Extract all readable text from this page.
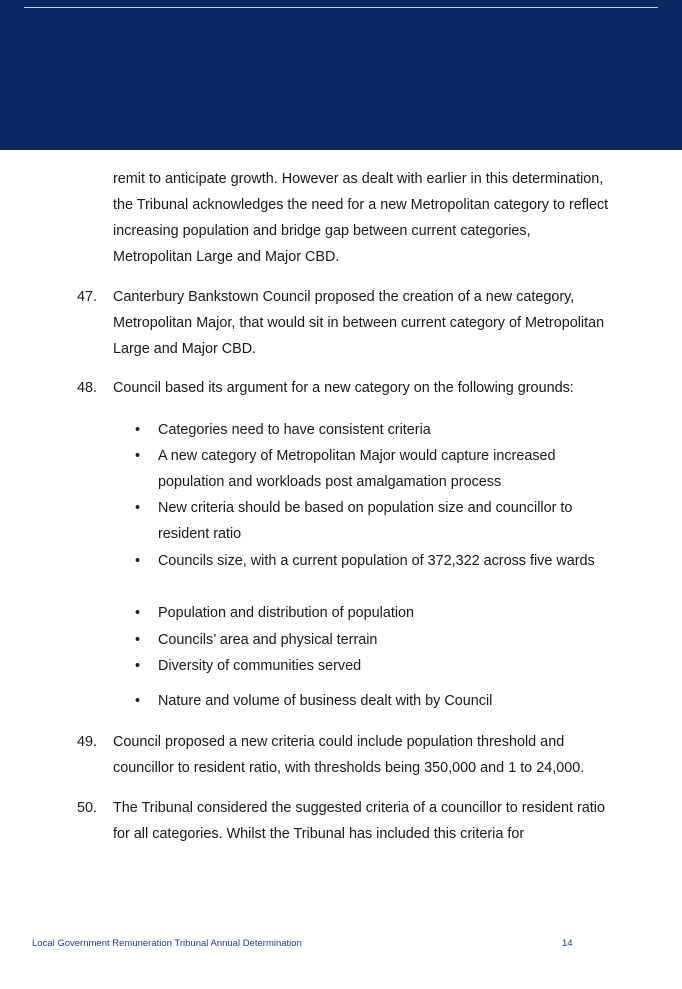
remit to anticipate growth. However as dealt with earlier in this determination, the Tribunal acknowledges the need for a new Metropolitan category to reflect increasing population and bridge gap between current categories, Metropolitan Large and Major CBD.
47. Canterbury Bankstown Council proposed the creation of a new category, Metropolitan Major, that would sit in between current category of Metropolitan Large and Major CBD.
48. Council based its argument for a new category on the following grounds:
• Categories need to have consistent criteria
• A new category of Metropolitan Major would capture increased population and workloads post amalgamation process
• New criteria should be based on population size and councillor to resident ratio
• Councils size, with a current population of 372,322 across five wards
• Population and distribution of population
• Councils’ area and physical terrain
• Diversity of communities served
• Nature and volume of business dealt with by Council
49. Council proposed a new criteria could include population threshold and councillor to resident ratio, with thresholds being 350,000 and 1 to 24,000.
50. The Tribunal considered the suggested criteria of a councillor to resident ratio for all categories. Whilst the Tribunal has included this criteria for
Local Government Remuneration Tribunal Annual Determination	14
